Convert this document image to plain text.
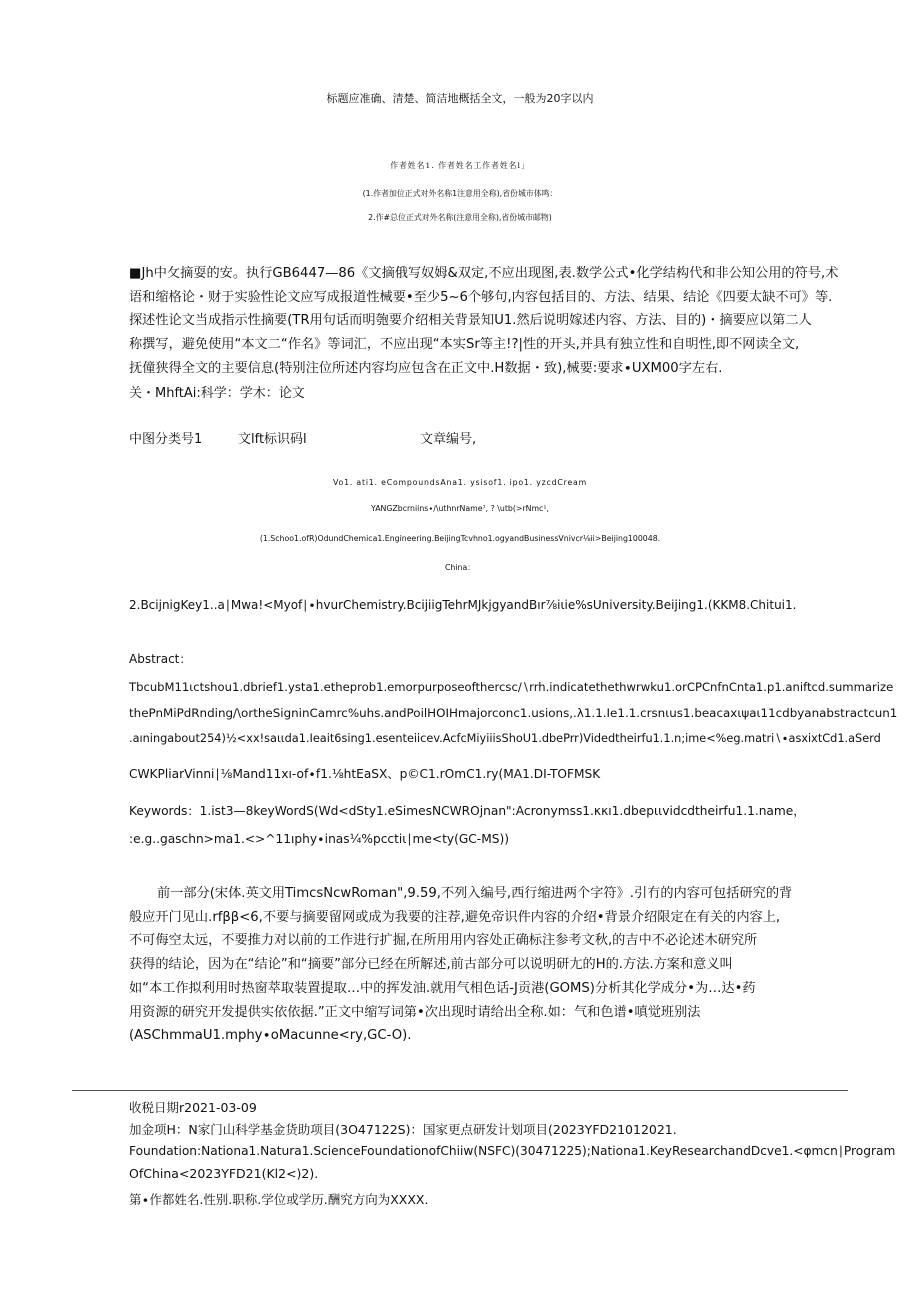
标题应准确、清楚、简洁地概括全文，一般为20字以内
作者姓名1. 作者姓名工作者姓名l」
(1.作者加位正式对外名称1注意用全称),省份城市体鸣：
2.作#总位正式对外名称(注意用全称),省份城市邮物)

■Jh中攵摘耍的安。执行GB6447—86《文摘俄写奴姆&双定,不应出现图,表.数学公式•化学结构代和非公知公用的符号,术

语和缩格论・财于实验性论文应写成报道性械要•至少5~6个够句,内容包括目的、方法、结果、结论《四要太缺不可》等.

探述性论文当成指示性摘要(TR用句话而明匏要介绍相关背景知U1.然后说明嫁述内容、方法、目的)・摘要应以第二人

称撰写，避免使用“本文二“作名》等词汇，不应出现“本实Sr等主!?|性的开头,并具有独立性和自明性,即不网读全文,

抚僮狭得全文的主要信息(特别注位所述内容均应包含在正文中.H数据・致),械要:要求∙UXM00字左右.

关・MhftAi:科学：学木：论文
中图分类号1	文lft标识码l	文章编号,
Vo1. ati1. eCompoundsAna1. ysisof1. ipo1. yzcdCream
YANGZbcrniins∙∕\uthnrName⁷, ? \utb(>rNmc¹,
(1.Schoo1.ofR)OdundChemica1.Engineering.BeijingTcvhno1.ogyandBusinessVnivcr⅛ii>Beijing100048.
China：
2.BcijnigKey1..a∣Mwa!<Myof∣∙hvurChemistry.BcijiigTehrMJkjgyandBır⅞iιie%sUniversity.Beijing1.(KKM8.Chitui1.
Abstract：
TbcubM11ιctshou1.dbrief1.ysta1.etheprob1.emorpurposeofthercsc∕∖rrh.indicatethethwrwku1.orCPCnfnCnta1.p1.aniftcd.summarize
thePnMiPdRnding∕\ortheSigninCamrc%uhs.andPoilHOIHmajorconc1.usions,.λ1.1.Ie1.1.crsnιus1.beacaxιψaι11cdbyanabstractcun1
.aıningabout254)½<xx!saιιda1.Ieait6sing1.esenteiicev.AcfcMiyiiisShoU1.dbePrr)Videdtheirfu1.1.n;ime<%eg.matri∖∙asxixtCd1.aSerd
CWKPliarVinni∣⅛Mand11xı-of∙f1.⅛htEaSX、p©C1.rOmC1.ry(MA1.DI-TOFMSK
Keywords：1.ist3—8keyWordS(Wd<dSty1.eSimesNCWROjnan":Acronymss1.κκı1.dbepιιvidcdtheirfu1.1.name，
:e.g..gaschn>ma1.<>^11ıphy∙inas¼%pcctiι∣me<ty(GC-MS))

前一部分(宋体.英文用TimcsNcwRoman",9.59,不列入编号,西行缩进两个字符》.引冇的内容可包括研究的背

般应开门见山.rfββ<6,不要与摘要留网或成为我要的注荐,避免帝识件内容的介绍•背景介绍限定在有关的内容上,

不可侮空太远，不要推力对以前的工作进行扩掘,在所用用内容处正确标注参考文秋,的吉中不必论述木研究所

获得的结论，因为在“结论”和“摘要”部分已经在所解述,前古部分可以说明研尢的H的.方法.方案和意义叫

如“本工作拟利用时热窗萃取装置提取…中的挥发油.就用气相色话-J贡港(GOMS)分析其化学成分•为…达•药

用资源的研究开发提供实依依据.”正文中缩写词第•次出现时请给出全称.如：气和色谱•嗔觉班别法

(ASChmmaU1.mphy∙oMacunne<ry,GC-O).

收税日期r2021-03-09
加金项H：N家门山科学基金货助项目(3O47122S)：国家更点研发计划项目(2023YFD21012021.
Foundation:Nationa1.Natura1.ScienceFoundationofChiiw(NSFC)(30471225);Nationa1.KeyResearchandDcve1.<φmcn∣Program
OfChina<2023YFD21(Kl2<)2).
第∙作都姓名.性别.职称.学位或学历.酬究方向为XXXX.
